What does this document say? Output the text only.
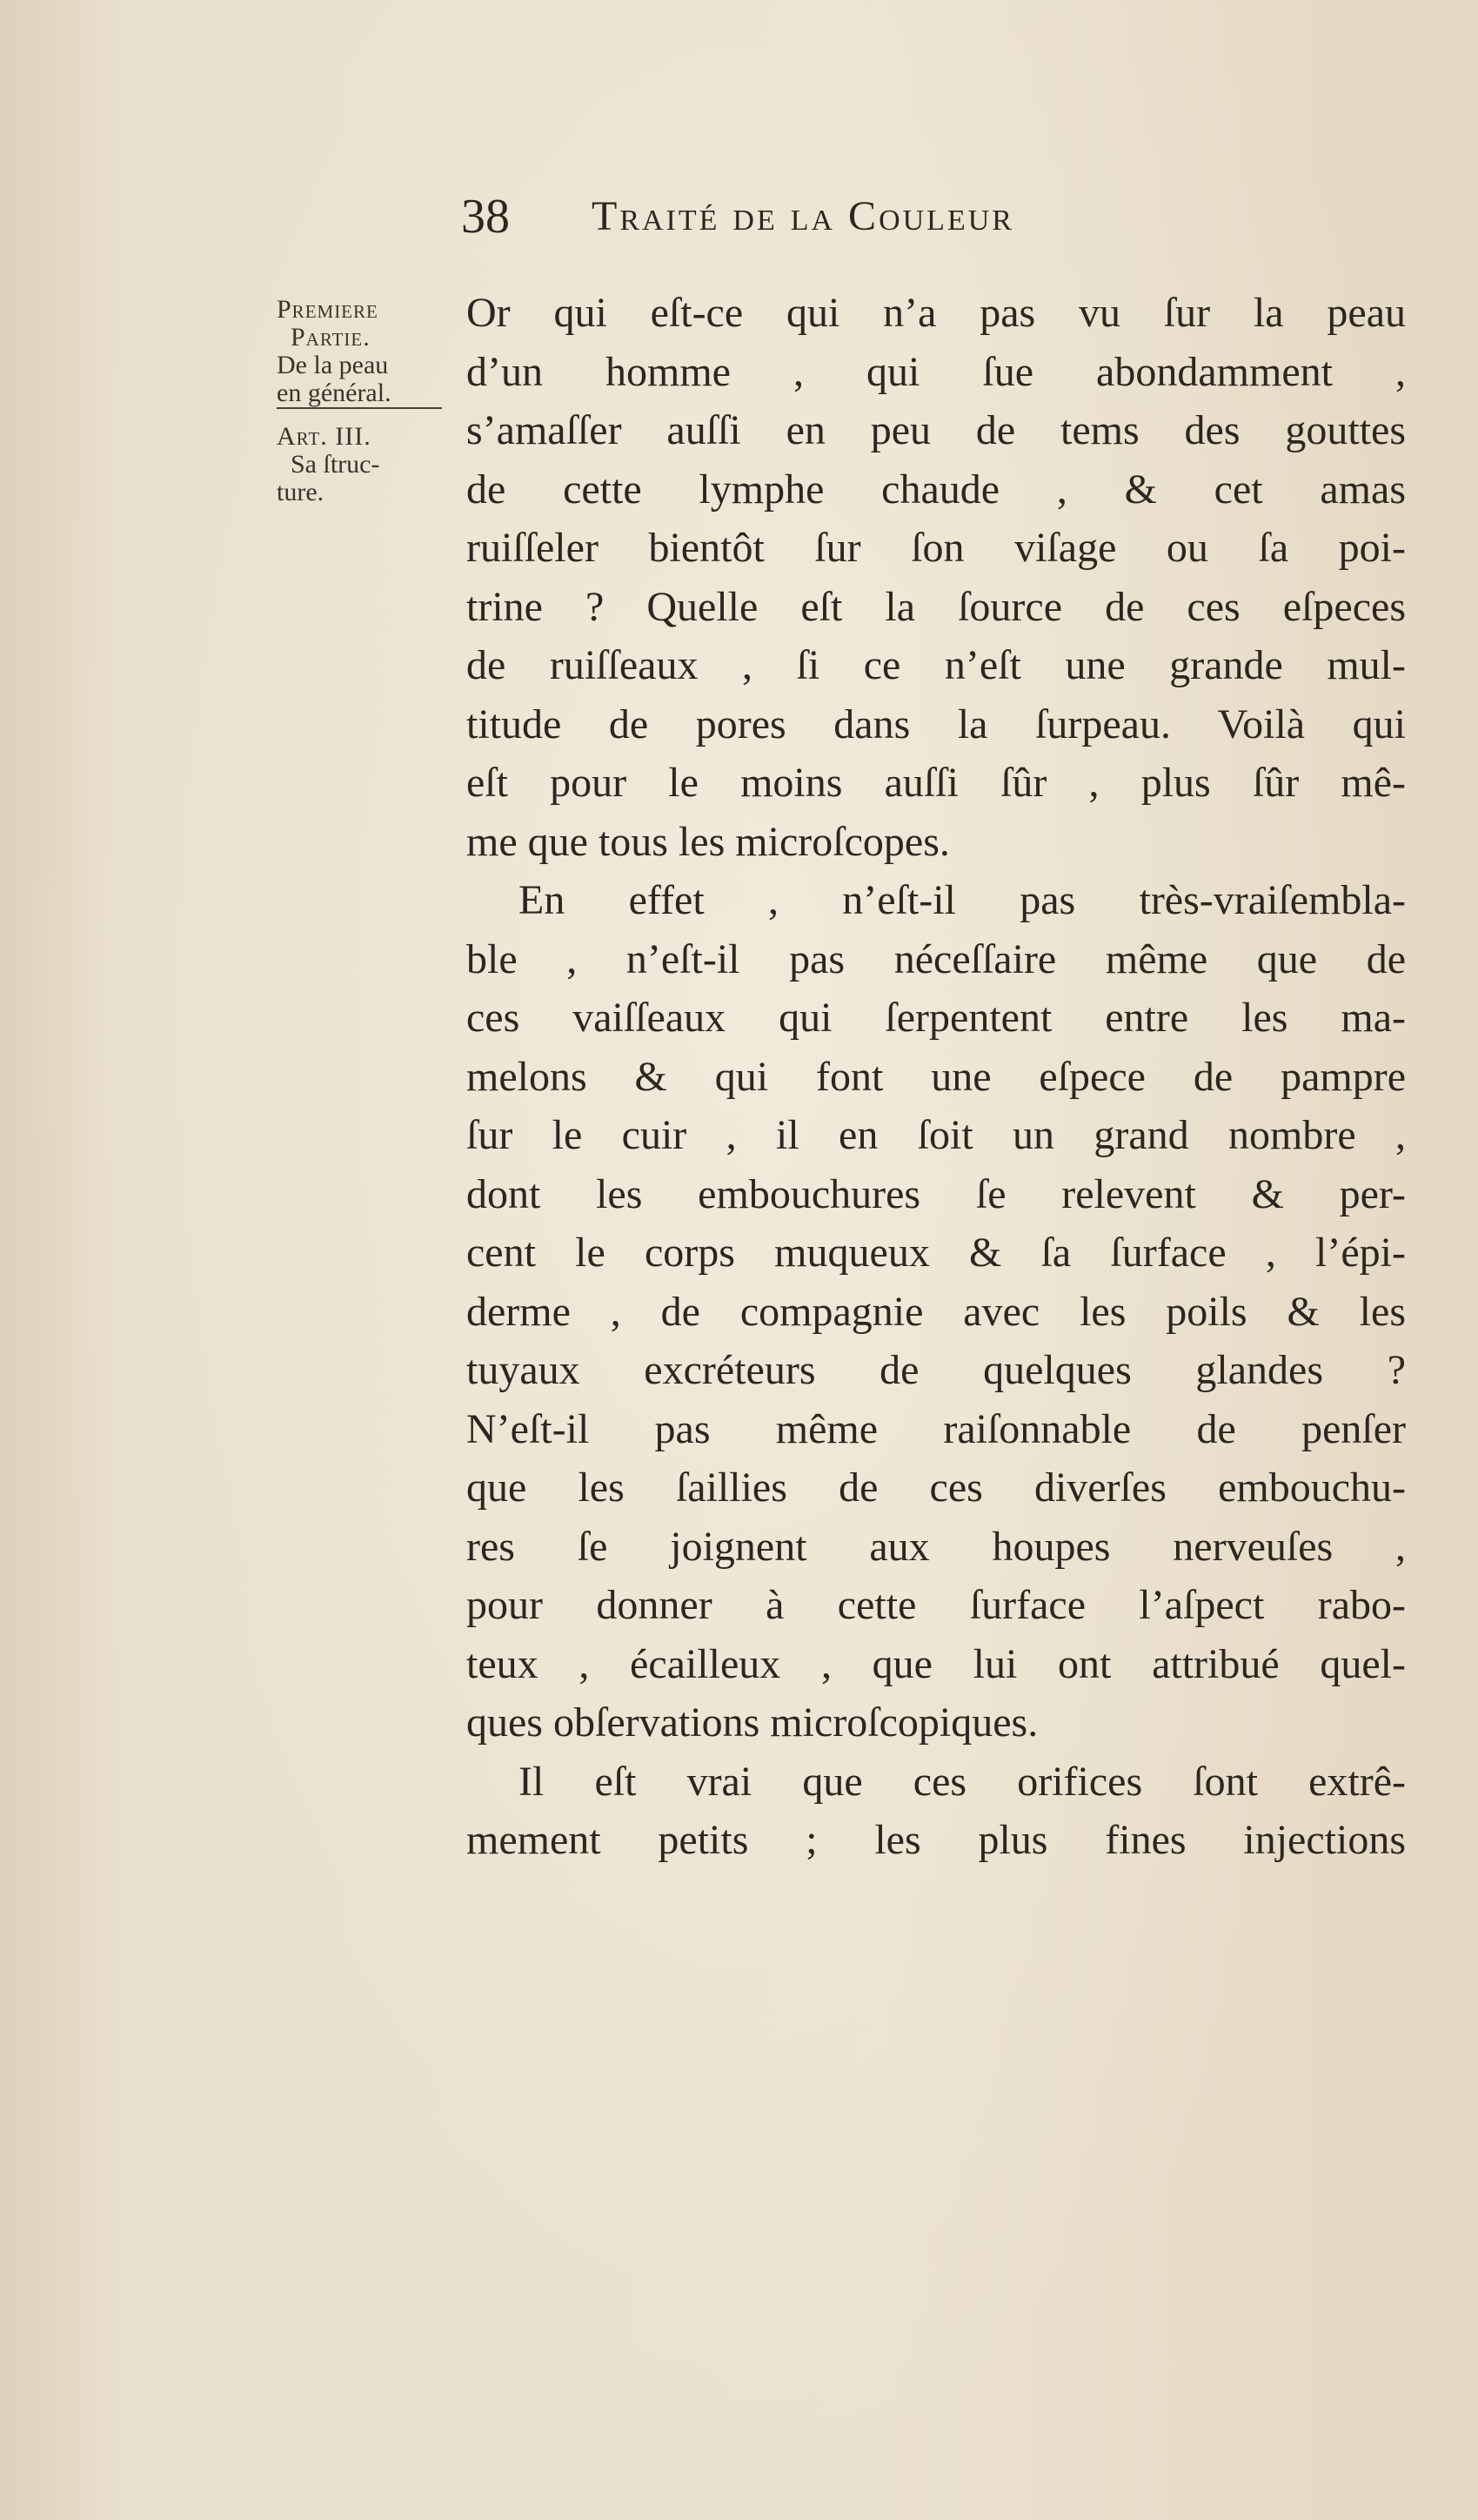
38 Traité de la Couleur
Premiere
Partie.
De la peau
en général.
Art. III.
Sa ſtruc-
ture.
Or qui eſt-ce qui n’a pas vu ſur la peau
d’un homme , qui ſue abondamment ,
s’amaſſer auſſi en peu de tems des gouttes
de cette lymphe chaude , & cet amas
ruiſſeler bientôt ſur ſon viſage ou ſa poi-
trine ? Quelle eſt la ſource de ces eſpeces
de ruiſſeaux , ſi ce n’eſt une grande mul-
titude de pores dans la ſurpeau. Voilà qui
eſt pour le moins auſſi ſûr , plus ſûr mê-
me que tous les microſcopes.
En effet , n’eſt-il pas très-vraiſembla-
ble , n’eſt-il pas néceſſaire même que de
ces vaiſſeaux qui ſerpentent entre les ma-
melons & qui font une eſpece de pampre
ſur le cuir , il en ſoit un grand nombre ,
dont les embouchures ſe relevent & per-
cent le corps muqueux & ſa ſurface , l’épi-
derme , de compagnie avec les poils & les
tuyaux excréteurs de quelques glandes ?
N’eſt-il pas même raiſonnable de penſer
que les ſaillies de ces diverſes embouchu-
res ſe joignent aux houpes nerveuſes ,
pour donner à cette ſurface l’aſpect rabo-
teux , écailleux , que lui ont attribué quel-
ques obſervations microſcopiques.
Il eſt vrai que ces orifices ſont extrê-
mement petits ; les plus fines injections
